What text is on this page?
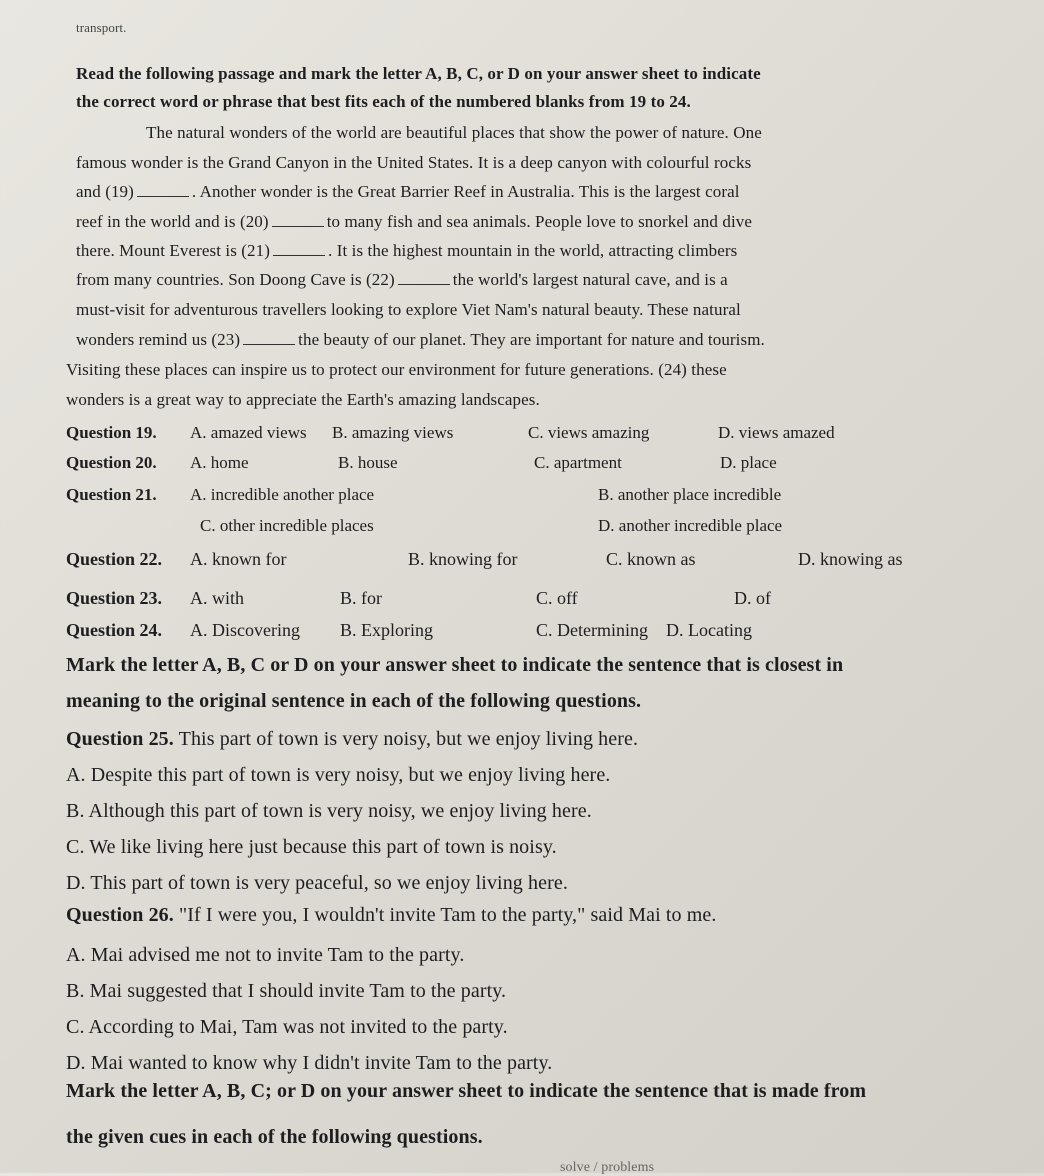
transport.
Read the following passage and mark the letter A, B, C, or D on your answer sheet to indicate
the correct word or phrase that best fits each of the numbered blanks from 19 to 24.
The natural wonders of the world are beautiful places that show the power of nature. One
famous wonder is the Grand Canyon in the United States. It is a deep canyon with colourful rocks
and (19)	. Another wonder is the Great Barrier Reef in Australia. This is the largest coral
reef in the world and is (20)	to many fish and sea animals. People love to snorkel and dive
there. Mount Everest is (21)	. It is the highest mountain in the world, attracting climbers
from many countries. Son Doong Cave is (22)	the world's largest natural cave, and is a
must-visit for adventurous travellers looking to explore Viet Nam's natural beauty. These natural
wonders remind us (23)	the beauty of our planet. They are important for nature and tourism.
Visiting these places can inspire us to protect our environment for future generations. (24) these
wonders is a great way to appreciate the Earth's amazing landscapes.
Question 19. A. amazed views B. amazing views	C. views amazing	D. views amazed
Question 20. A. home	B. house	C. apartment	D. place
Question 21. A. incredible another place	B. another place incredible
C. other incredible places	D. another incredible place
Question 22. A. known for	B. knowing for	C. known as	D. knowing as
Question 23. A. with	B. for	C. off	D. of
Question 24. A. Discovering B. Exploring	C. Determining D. Locating
Mark the letter A, B, C or D on your answer sheet to indicate the sentence that is closest in
meaning to the original sentence in each of the following questions.
Question 25. This part of town is very noisy, but we enjoy living here.
A. Despite this part of town is very noisy, but we enjoy living here.
B. Although this part of town is very noisy, we enjoy living here.
C. We like living here just because this part of town is noisy.
D. This part of town is very peaceful, so we enjoy living here.
Question 26. "If I were you, I wouldn't invite Tam to the party," said Mai to me.
A. Mai advised me not to invite Tam to the party.
B. Mai suggested that I should invite Tam to the party.
C. According to Mai, Tam was not invited to the party.
D. Mai wanted to know why I didn't invite Tam to the party.
Mark the letter A, B, C; or D on your answer sheet to indicate the sentence that is made from
the given cues in each of the following questions.
solve / problems
